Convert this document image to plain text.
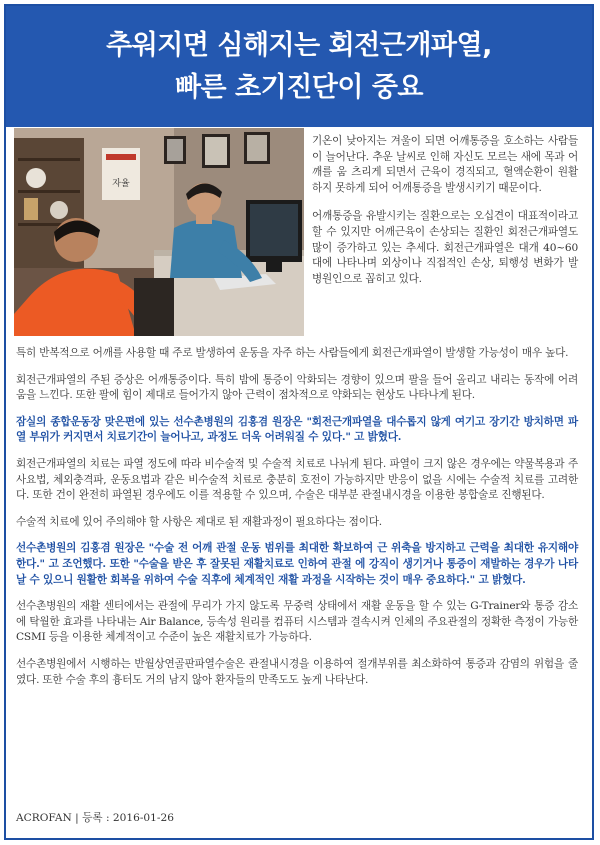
추워지면 심해지는 회전근개파열,
빠른 초기진단이 중요
자율

기온이 낮아지는 겨울이 되면 어깨통증을 호소하는 사람들이 늘어난다. 추운 날씨로 인해 자신도 모르는 새에 목과 어깨를 움 츠리게 되면서 근육이 경직되고, 혈액순환이 원활하지 못하게 되어 어깨통증을 발생시키기 때문이다.

어깨통증을 유발시키는 질환으로는 오십견이 대표적이라고 할 수 있지만 어깨근육이 손상되는 질환인 회전근개파열도 많이 증가하고 있는 추세다. 회전근개파열은 대개 40~60대에 나타나며 외상이나 직접적인 손상, 퇴행성 변화가 발병원인으로 꼽히고 있다.

특히 반복적으로 어깨를 사용할 때 주로 발생하여 운동을 자주 하는 사람들에게 회전근개파열이 발생할 가능성이 매우 높다.

회전근개파열의 주된 증상은 어깨통증이다. 특히 밤에 통증이 악화되는 경향이 있으며 팔을 들어 올리고 내리는 동작에 어려움을 느낀다. 또한 팔에 힘이 제대로 들어가지 않아 근력이 점차적으로 약화되는 현상도 나타나게 된다.

잠실의 종합운동장 맞은편에 있는 선수촌병원의 김홍겸 원장은 "회전근개파열을 대수롭지 않게 여기고 장기간 방치하면 파열 부위가 커지면서 치료기간이 늘어나고, 과정도 더욱 어려워질 수 있다." 고 밝혔다.

회전근개파열의 치료는 파열 정도에 따라 비수술적 및 수술적 치료로 나뉘게 된다. 파열이 크지 않은 경우에는 약물복용과 주사요법, 체외충격파, 운동요법과 같은 비수술적 치료로 충분히 호전이 가능하지만 반응이 없을 시에는 수술적 치료를 고려한다. 또한 건이 완전히 파열된 경우에도 이를 적용할 수 있으며, 수술은 대부분 관절내시경을 이용한 봉합술로 진행된다.

수술적 치료에 있어 주의해야 할 사항은 제대로 된 재활과정이 필요하다는 점이다.

선수촌병원의 김홍겸 원장은 "수술 전 어깨 관절 운동 범위를 최대한 확보하여 근 위축을 방지하고 근력을 최대한 유지해야 한다." 고 조언했다. 또한 "수술을 받은 후 잘못된 재활치료로 인하여 관절 에 강직이 생기거나 통증이 재발하는 경우가 나타날 수 있으니 원활한 회복을 위하여 수술 직후에 체계적인 재활 과정을 시작하는 것이 매우 중요하다." 고 밝혔다.

선수촌병원의 재활 센터에서는 관절에 무리가 가지 않도록 무중력 상태에서 재활 운동을 할 수 있는 G-Trainer와 통증 감소에 탁월한 효과를 나타내는 Air Balance, 등속성 원리를 컴퓨터 시스템과 결속시켜 인체의 주요관절의 정확한 측정이 가능한 CSMI 등을 이용한 체계적이고 수준이 높은 재활치료가 가능하다.

선수촌병원에서 시행하는 반월상연골판파열수술은 관절내시경을 이용하여 절개부위를 최소화하여 통증과 감염의 위험을 줄였다. 또한 수술 후의 흉터도 거의 남지 않아 환자들의 만족도도 높게 나타난다.

ACROFAN | 등록 : 2016-01-26
